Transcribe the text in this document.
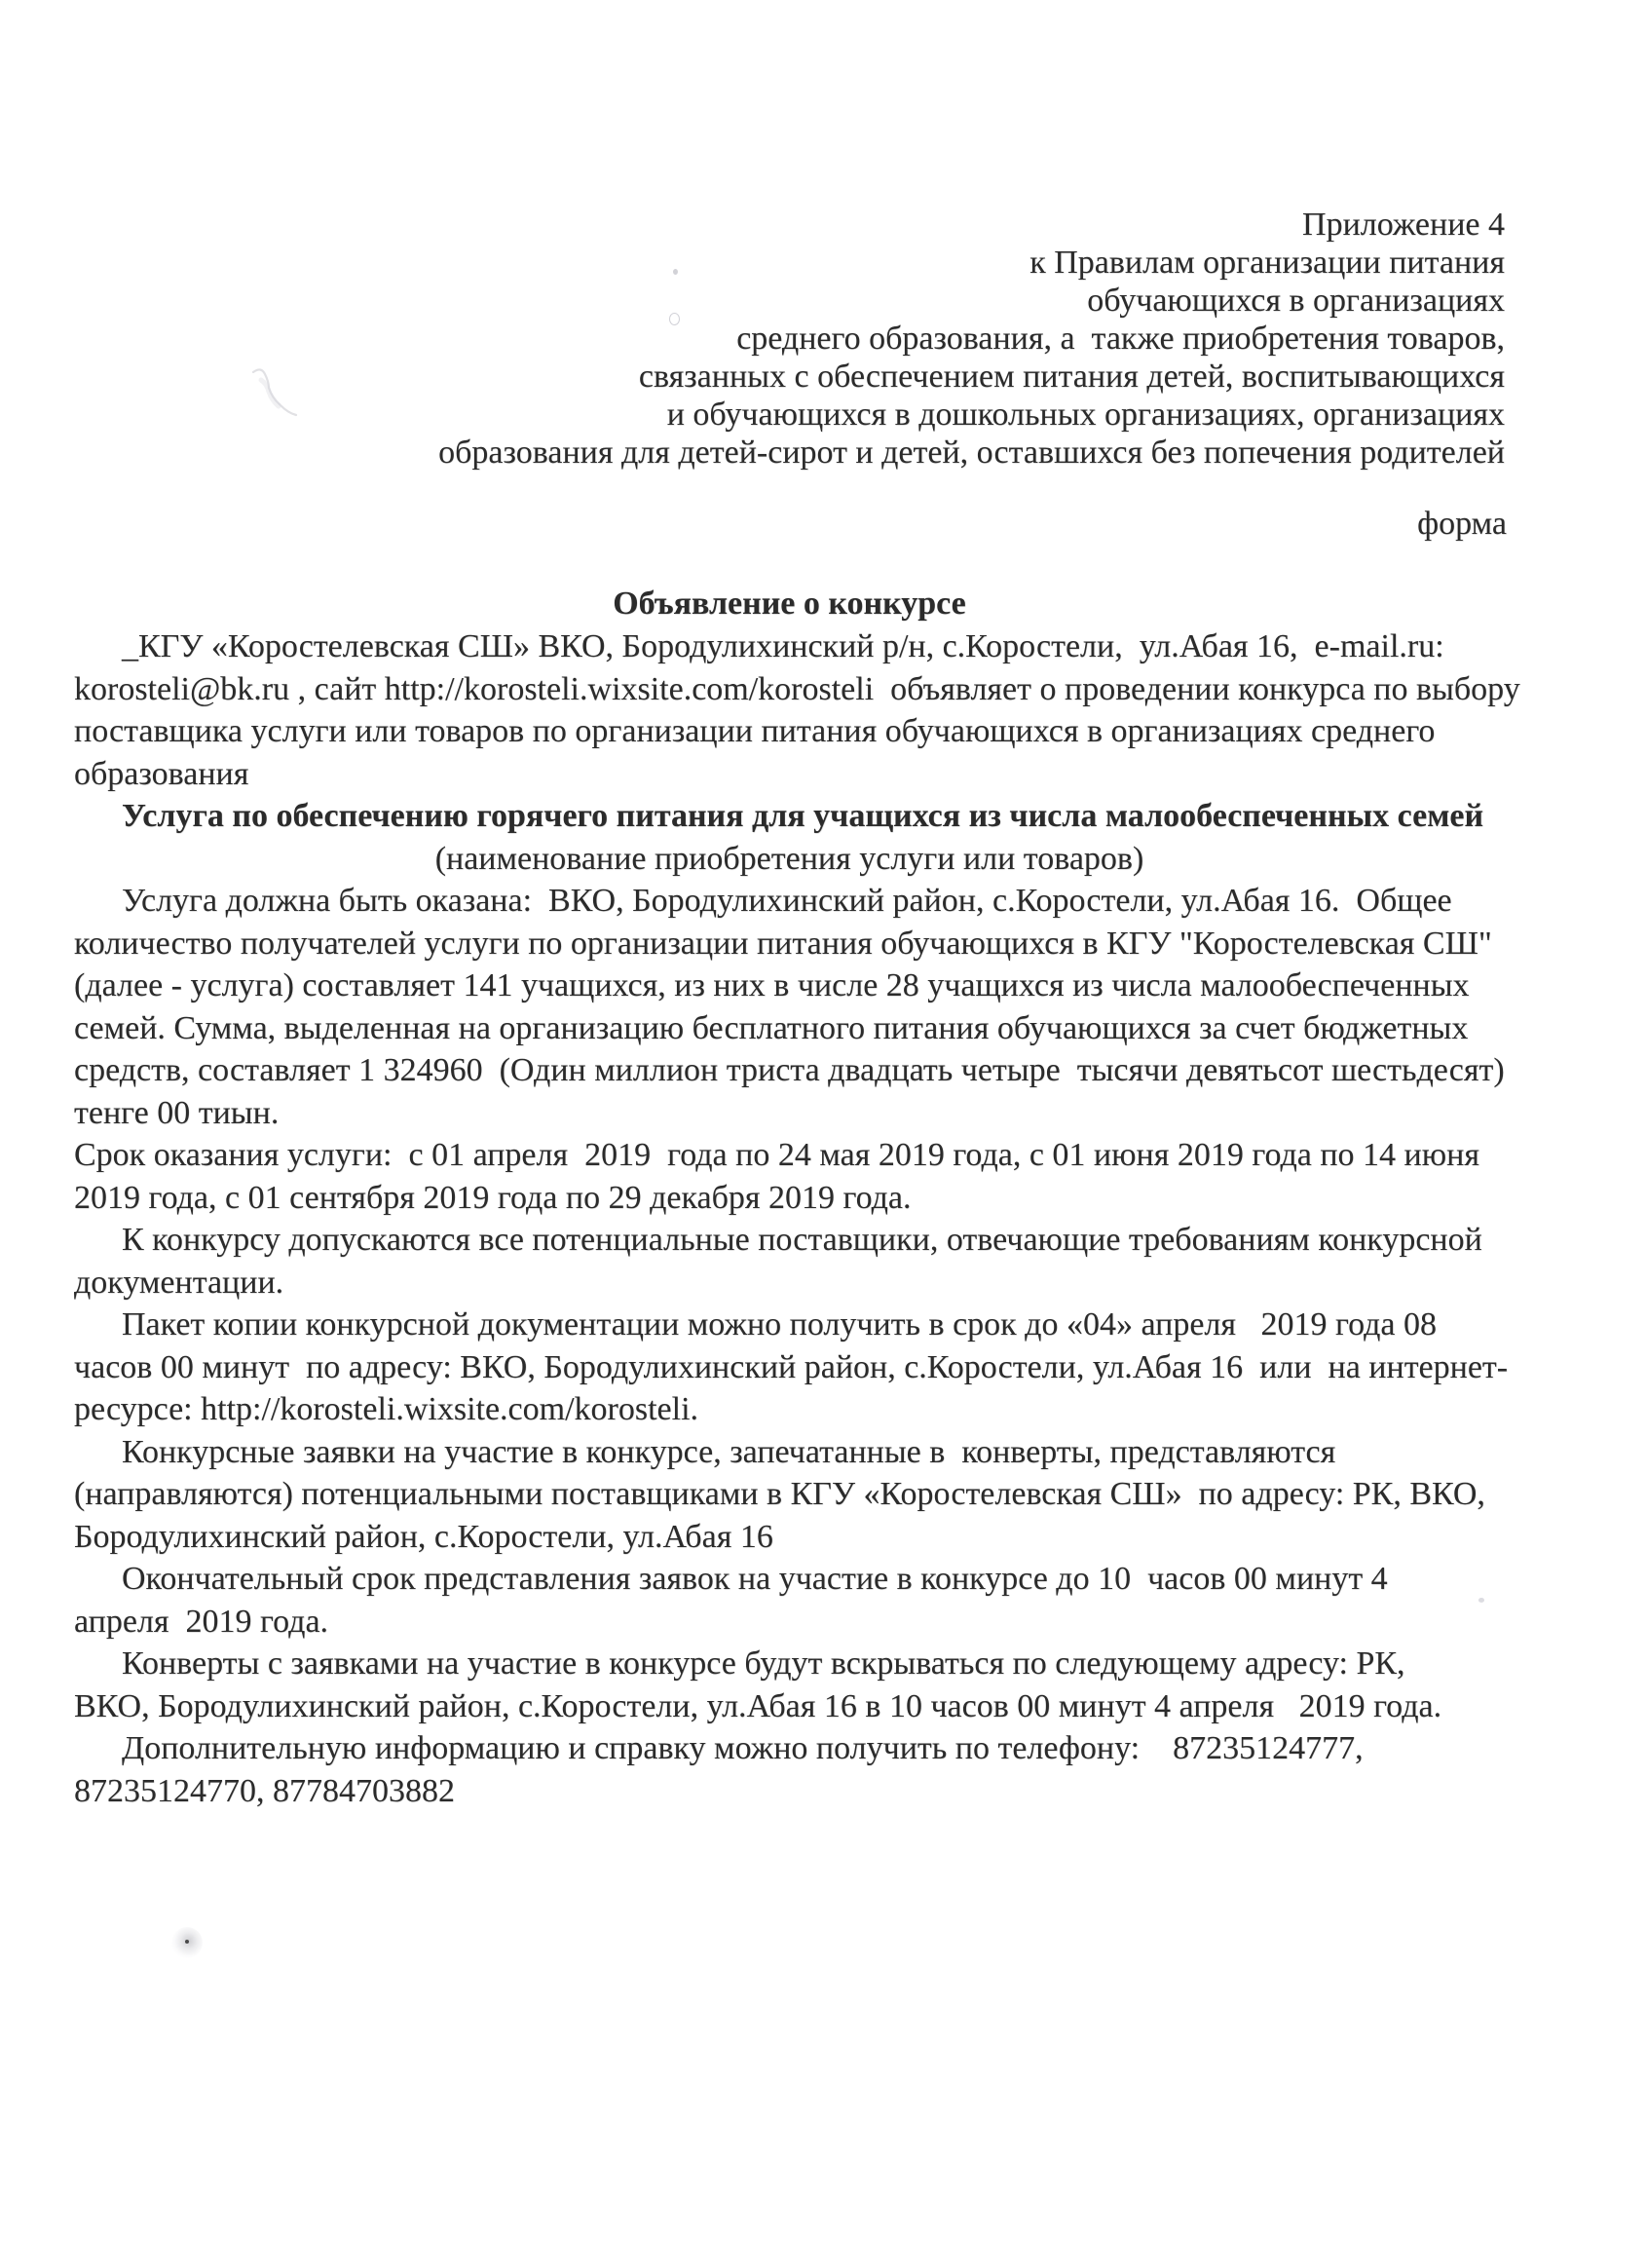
Приложение 4
к Правилам организации питания
обучающихся в организациях
среднего образования, а  также приобретения товаров,
связанных с обеспечением питания детей, воспитывающихся
и обучающихся в дошкольных организациях, организациях
образования для детей-сирот и детей, оставшихся без попечения родителей
форма
Объявление о конкурсе
_КГУ «Коростелевская СШ» ВКО, Бородулихинский р/н, с.Коростели,  ул.Абая 16,  e-mail.ru:
korosteli@bk.ru , сайт http://korosteli.wixsite.com/korosteli  объявляет о проведении конкурса по выбору
поставщика услуги или товаров по организации питания обучающихся в организациях среднего
образования
Услуга по обеспечению горячего питания для учащихся из числа малообеспеченных семей
(наименование приобретения услуги или товаров)
Услуга должна быть оказана:  ВКО, Бородулихинский район, с.Коростели, ул.Абая 16.  Общее
количество получателей услуги по организации питания обучающихся в КГУ "Коростелевская СШ"
(далее - услуга) составляет 141 учащихся, из них в числе 28 учащихся из числа малообеспеченных
семей. Сумма, выделенная на организацию бесплатного питания обучающихся за счет бюджетных
средств, составляет 1 324960  (Один миллион триста двадцать четыре  тысячи девятьсот шестьдесят)
тенге 00 тиын.
Срок оказания услуги:  с 01 апреля  2019  года по 24 мая 2019 года, с 01 июня 2019 года по 14 июня
2019 года, с 01 сентября 2019 года по 29 декабря 2019 года.
К конкурсу допускаются все потенциальные поставщики, отвечающие требованиям конкурсной
документации.
Пакет копии конкурсной документации можно получить в срок до «04» апреля   2019 года 08
часов 00 минут  по адресу: ВКО, Бородулихинский район, с.Коростели, ул.Абая 16  или  на интернет-
ресурсе: http://korosteli.wixsite.com/korosteli.
Конкурсные заявки на участие в конкурсе, запечатанные в  конверты, представляются
(направляются) потенциальными поставщиками в КГУ «Коростелевская СШ»  по адресу: РК, ВКО,
Бородулихинский район, с.Коростели, ул.Абая 16
Окончательный срок представления заявок на участие в конкурсе до 10  часов 00 минут 4
апреля  2019 года.
Конверты с заявками на участие в конкурсе будут вскрываться по следующему адресу: РК,
ВКО, Бородулихинский район, с.Коростели, ул.Абая 16 в 10 часов 00 минут 4 апреля   2019 года.
Дополнительную информацию и справку можно получить по телефону:    87235124777,
87235124770, 87784703882
